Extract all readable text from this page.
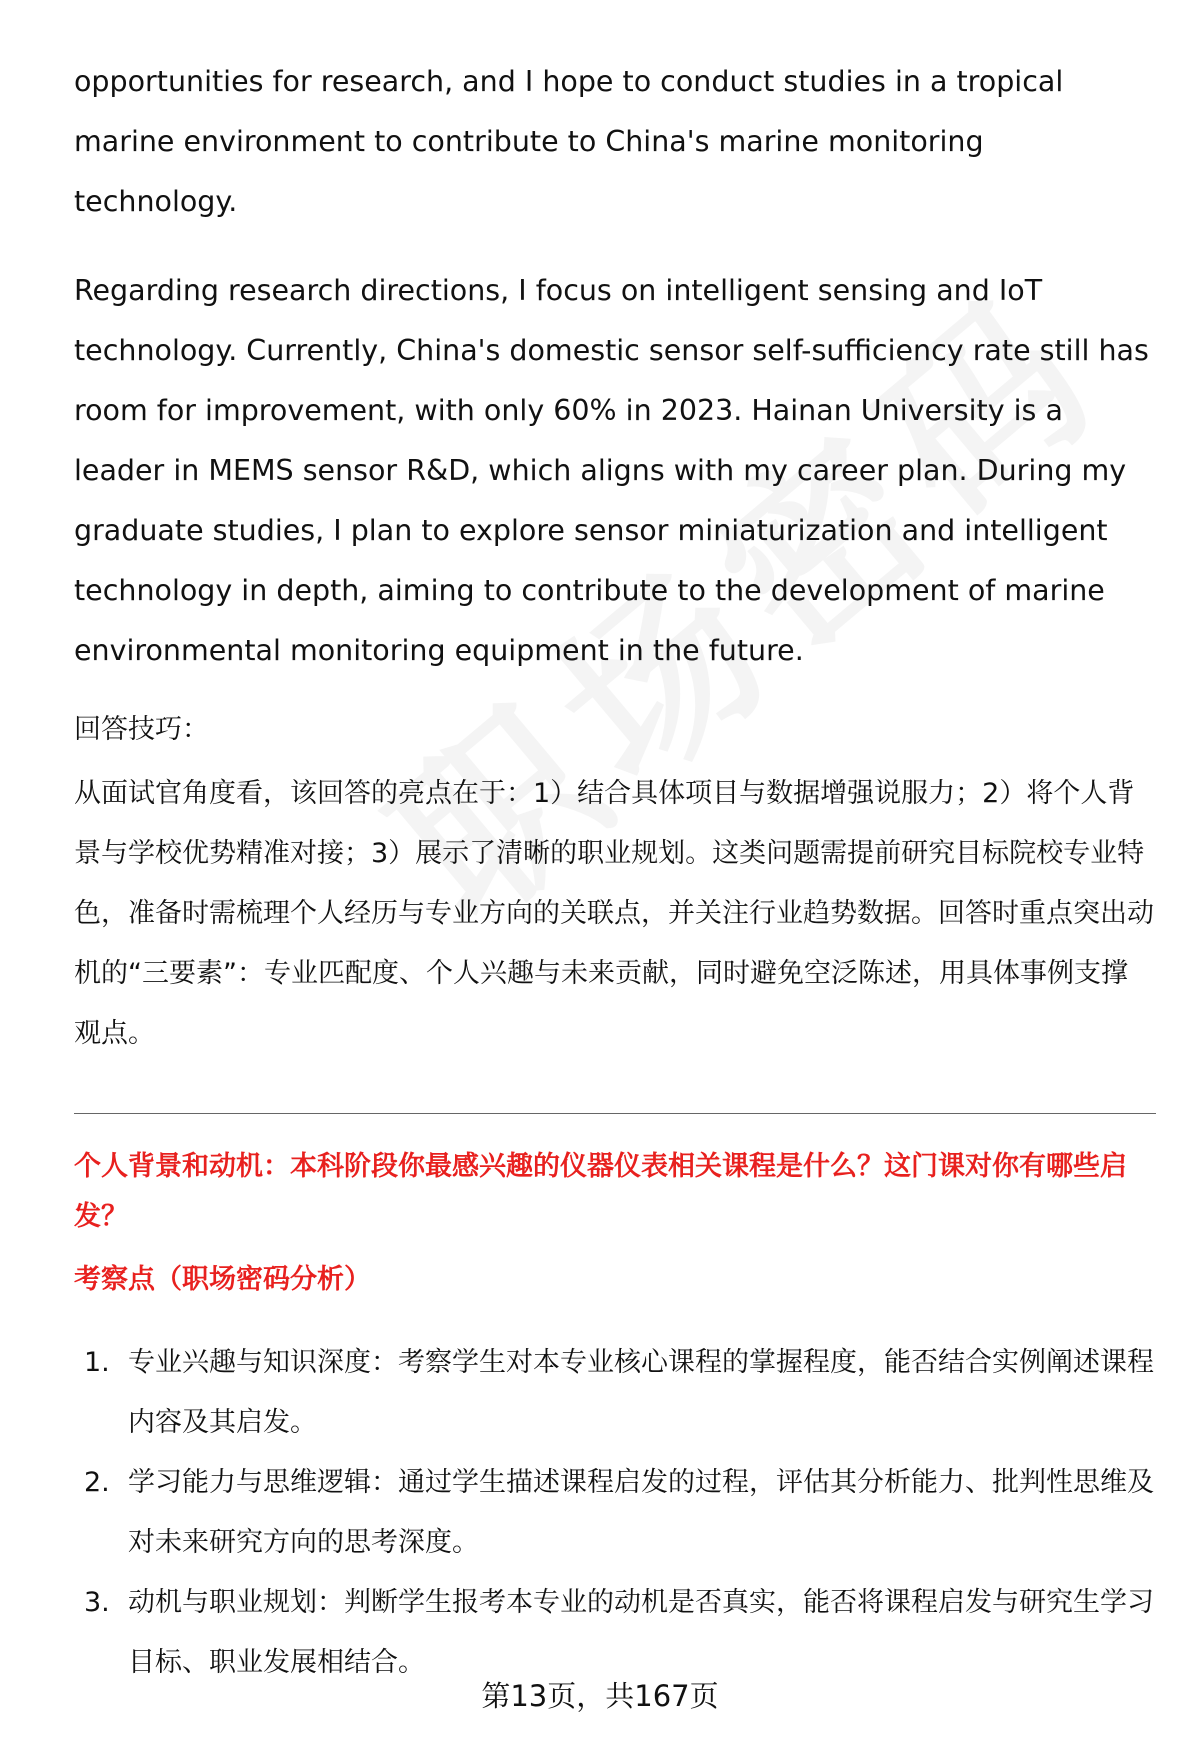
opportunities for research, and I hope to conduct studies in a tropical marine environment to contribute to China's marine monitoring technology.

Regarding research directions, I focus on intelligent sensing and IoT technology. Currently, China's domestic sensor self-sufficiency rate still has room for improvement, with only 60% in 2023. Hainan University is a leader in MEMS sensor R&D, which aligns with my career plan. During my graduate studies, I plan to explore sensor miniaturization and intelligent technology in depth, aiming to contribute to the development of marine environmental monitoring equipment in the future.

回答技巧：

从面试官角度看，该回答的亮点在于：1）结合具体项目与数据增强说服力；2）将个人背景与学校优势精准对接；3）展示了清晰的职业规划。这类问题需提前研究目标院校专业特色，准备时需梳理个人经历与专业方向的关联点，并关注行业趋势数据。回答时重点突出动机的“三要素”：专业匹配度、个人兴趣与未来贡献，同时避免空泛陈述，用具体事例支撑观点。

个人背景和动机：本科阶段你最感兴趣的仪器仪表相关课程是什么？这门课对你有哪些启发？

考察点（职场密码分析）

1. 专业兴趣与知识深度：考察学生对本专业核心课程的掌握程度，能否结合实例阐述课程内容及其启发。
2. 学习能力与思维逻辑：通过学生描述课程启发的过程，评估其分析能力、批判性思维及对未来研究方向的思考深度。
3. 动机与职业规划：判断学生报考本专业的动机是否真实，能否将课程启发与研究生学习目标、职业发展相结合。
第13页，共167页
